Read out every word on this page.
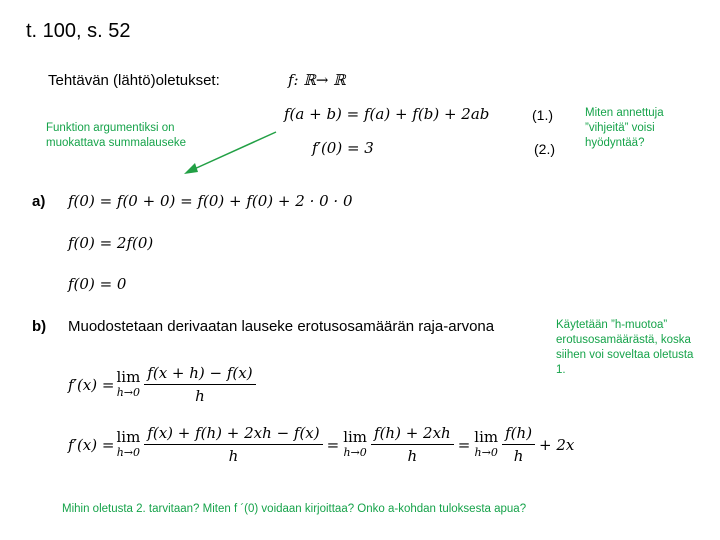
t. 100, s. 52
Tehtävän (lähtö)oletukset:	f: ℝ→ ℝ
f(a + b) = f(a) + f(b) + 2ab	(1.)
f′(0) = 3	(2.)
Funktion argumentiksi on muokattava summalauseke
Miten annettuja ”vihjeitä” voisi hyödyntää?
a) f(0) = f(0 + 0) = f(0) + f(0) + 2 · 0 · 0
f(0) = 2f(0)
f(0) = 0
b) Muodostetaan derivaatan lauseke erotusosamäärän raja-arvona	Käytetään ”h-muotoa” erotusosamäärästä, koska siihen voi soveltaa oletusta 1.
f′(x) = lim
$h\to 0 \frac{f(x + h) - f(x)}{h}$
f′(x) = lim
$h\to 0 \frac{f(x) + f(h) + 2xh - f(x)}{h} = \lim$
$h\to 0 \frac{f(h) + 2xh}{h} = \lim$
$h\to 0 \frac{f(h)}{h} + 2x$
Mihin oletusta 2. tarvitaan? Miten f ´(0) voidaan kirjoittaa? Onko a-kohdan tuloksesta apua?
